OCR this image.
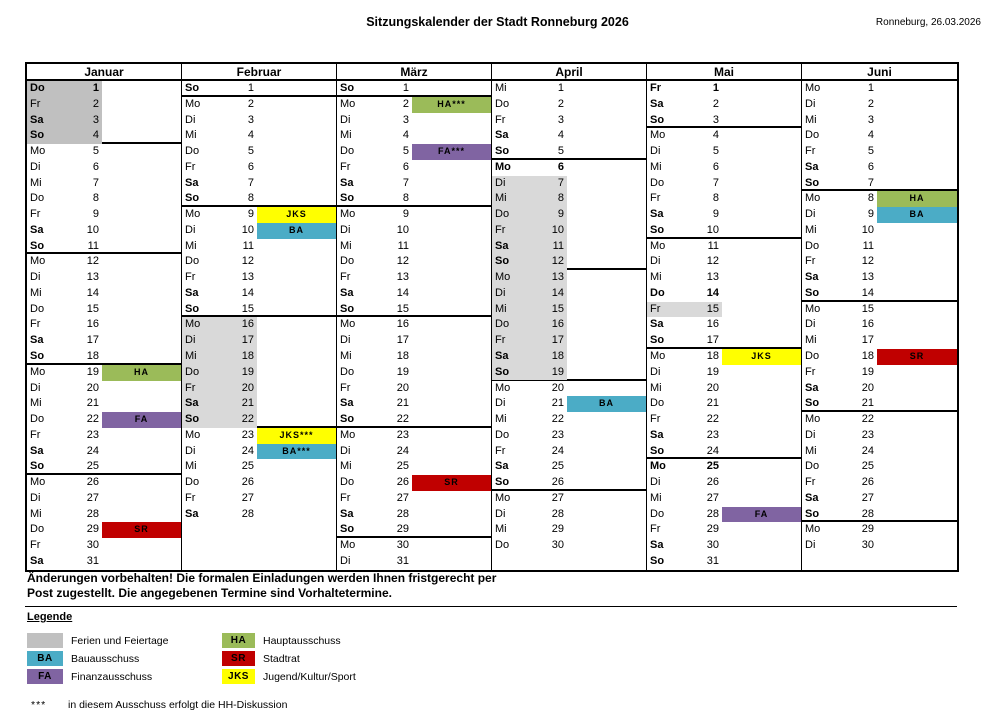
Sitzungskalender der Stadt Ronneburg 2026	Ronneburg, 26.03.2026
Januar
Do	1
Fr	2
Sa	3
So	4
Mo	5
Di	6
Mi	7
Do	8
Fr	9
Sa	10
So	11
Mo	12
Di	13
Mi	14
Do	15
Fr	16
Sa	17
So	18
Mo	19	HA
Di	20
Mi	21
Do	22	FA
Fr	23
Sa	24
So	25
Mo	26
Di	27
Mi	28
Do	29	SR
Fr	30
Sa	31
Februar
So	1
Mo	2
Di	3
Mi	4
Do	5
Fr	6
Sa	7
So	8
Mo	9	JKS
Di	10	BA
Mi	11
Do	12
Fr	13
Sa	14
So	15
Mo	16
Di	17
Mi	18
Do	19
Fr	20
Sa	21
So	22
Mo	23	JKS***
Di	24	BA***
Mi	25
Do	26
Fr	27
Sa	28
März
So	1
Mo	2	HA***
Di	3
Mi	4
Do	5	FA***
Fr	6
Sa	7
So	8
Mo	9
Di	10
Mi	11
Do	12
Fr	13
Sa	14
So	15
Mo	16
Di	17
Mi	18
Do	19
Fr	20
Sa	21
So	22
Mo	23
Di	24
Mi	25
Do	26	SR
Fr	27
Sa	28
So	29
Mo	30
Di	31
April
Mi	1
Do	2
Fr	3
Sa	4
So	5
Mo	6
Di	7
Mi	8
Do	9
Fr	10
Sa	11
So	12
Mo	13
Di	14
Mi	15
Do	16
Fr	17
Sa	18
So	19
Mo	20
Di	21	BA
Mi	22
Do	23
Fr	24
Sa	25
So	26
Mo	27
Di	28
Mi	29
Do	30
Mai
Fr	1
Sa	2
So	3
Mo	4
Di	5
Mi	6
Do	7
Fr	8
Sa	9
So	10
Mo	11
Di	12
Mi	13
Do	14
Fr	15
Sa	16
So	17
Mo	18	JKS
Di	19
Mi	20
Do	21
Fr	22
Sa	23
So	24
Mo	25
Di	26
Mi	27
Do	28	FA
Fr	29
Sa	30
So	31
Juni
Mo	1
Di	2
Mi	3
Do	4
Fr	5
Sa	6
So	7
Mo	8	HA
Di	9	BA
Mi	10
Do	11
Fr	12
Sa	13
So	14
Mo	15
Di	16
Mi	17
Do	18	SR
Fr	19
Sa	20
So	21
Mo	22
Di	23
Mi	24
Do	25
Fr	26
Sa	27
So	28
Mo	29
Di	30
Änderungen vorbehalten! Die formalen Einladungen werden Ihnen fristgerecht per
Post zugestellt. Die angegebenen Termine sind Vorhaltetermine.
Legende
Ferien und Feiertage
BA	Bauausschuss
FA	Finanzausschuss
HA	Hauptausschuss
SR	Stadtrat
JKS	Jugend/Kultur/Sport
***	in diesem Ausschuss erfolgt die HH-Diskussion
